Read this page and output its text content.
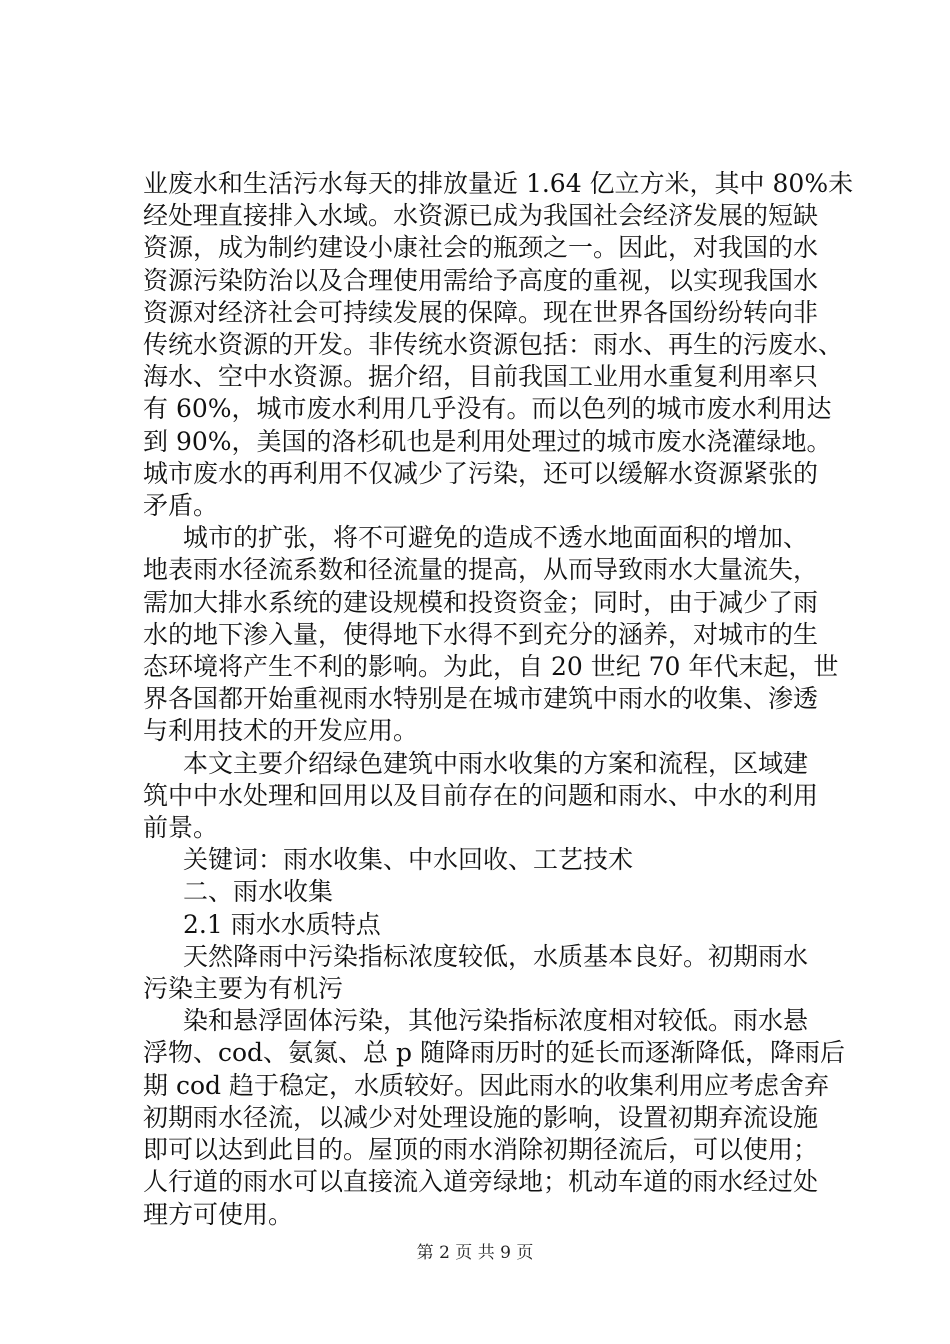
业废水和生活污水每天的排放量近 1.64 亿立方米，其中 80%未
经处理直接排入水域。水资源已成为我国社会经济发展的短缺
资源，成为制约建设小康社会的瓶颈之一。因此，对我国的水
资源污染防治以及合理使用需给予高度的重视，以实现我国水
资源对经济社会可持续发展的保障。现在世界各国纷纷转向非
传统水资源的开发。非传统水资源包括：雨水、再生的污废水、
海水、空中水资源。据介绍，目前我国工业用水重复利用率只
有 60%，城市废水利用几乎没有。而以色列的城市废水利用达
到 90%，美国的洛杉矶也是利用处理过的城市废水浇灌绿地。
城市废水的再利用不仅减少了污染，还可以缓解水资源紧张的
矛盾。

城市的扩张，将不可避免的造成不透水地面面积的增加、
地表雨水径流系数和径流量的提高，从而导致雨水大量流失，
需加大排水系统的建设规模和投资资金；同时，由于减少了雨
水的地下渗入量，使得地下水得不到充分的涵养，对城市的生
态环境将产生不利的影响。为此，自 20 世纪 70 年代末起，世
界各国都开始重视雨水特别是在城市建筑中雨水的收集、渗透
与利用技术的开发应用。

本文主要介绍绿色建筑中雨水收集的方案和流程，区域建
筑中中水处理和回用以及目前存在的问题和雨水、中水的利用
前景。

关键词：雨水收集、中水回收、工艺技术

二、雨水收集

2.1 雨水水质特点

天然降雨中污染指标浓度较低，水质基本良好。初期雨水
污染主要为有机污

染和悬浮固体污染，其他污染指标浓度相对较低。雨水悬
浮物、cod、氨氮、总 p 随降雨历时的延长而逐渐降低，降雨后
期 cod 趋于稳定，水质较好。因此雨水的收集利用应考虑舍弃
初期雨水径流，以减少对处理设施的影响，设置初期弃流设施
即可以达到此目的。屋顶的雨水消除初期径流后，可以使用；
人行道的雨水可以直接流入道旁绿地；机动车道的雨水经过处
理方可使用。

第 2 页 共 9 页
